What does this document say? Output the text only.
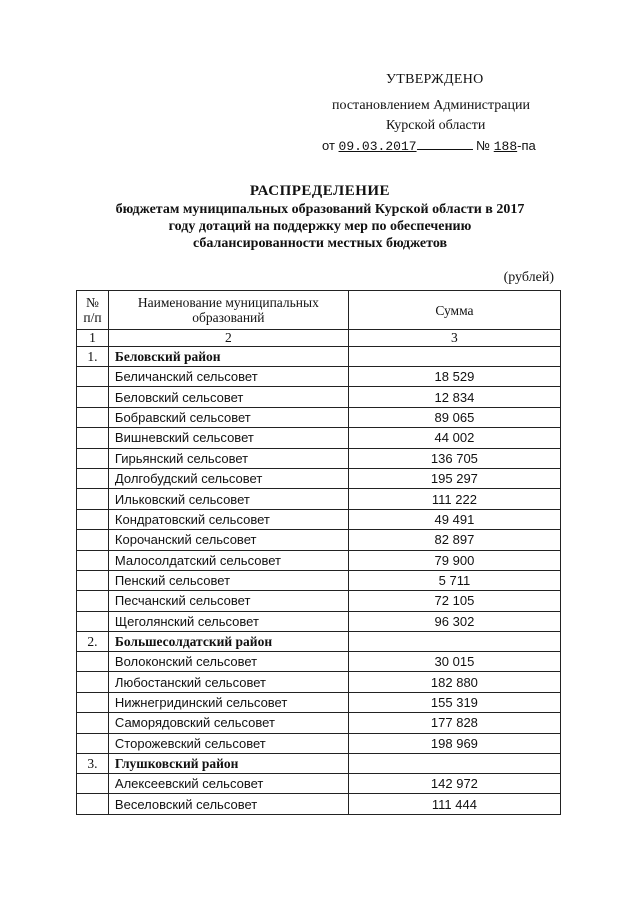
УТВЕРЖДЕНО
постановлением Администрации
Курской области
от 09.03.2017	№ 188-па
РАСПРЕДЕЛЕНИЕ
бюджетам муниципальных образований Курской области в 2017
году дотаций на поддержку мер по обеспечению
сбалансированности местных бюджетов
(рублей)
№ п/п	Наименование муниципальных образований	Сумма
1	2	3
1.	Беловский район	
	Беличанский сельсовет	18 529
	Беловский сельсовет	12 834
	Бобравский сельсовет	89 065
	Вишневский сельсовет	44 002
	Гирьянский сельсовет	136 705
	Долгобудский сельсовет	195 297
	Ильковский сельсовет	111 222
	Кондратовский сельсовет	49 491
	Корочанский сельсовет	82 897
	Малосолдатский сельсовет	79 900
	Пенский сельсовет	5 711
	Песчанский сельсовет	72 105
	Щеголянский сельсовет	96 302
2.	Большесолдатский район	
	Волоконский сельсовет	30 015
	Любостанский сельсовет	182 880
	Нижнегридинский сельсовет	155 319
	Саморядовский сельсовет	177 828
	Сторожевский сельсовет	198 969
3.	Глушковский район	
	Алексеевский сельсовет	142 972
	Веселовский сельсовет	111 444
